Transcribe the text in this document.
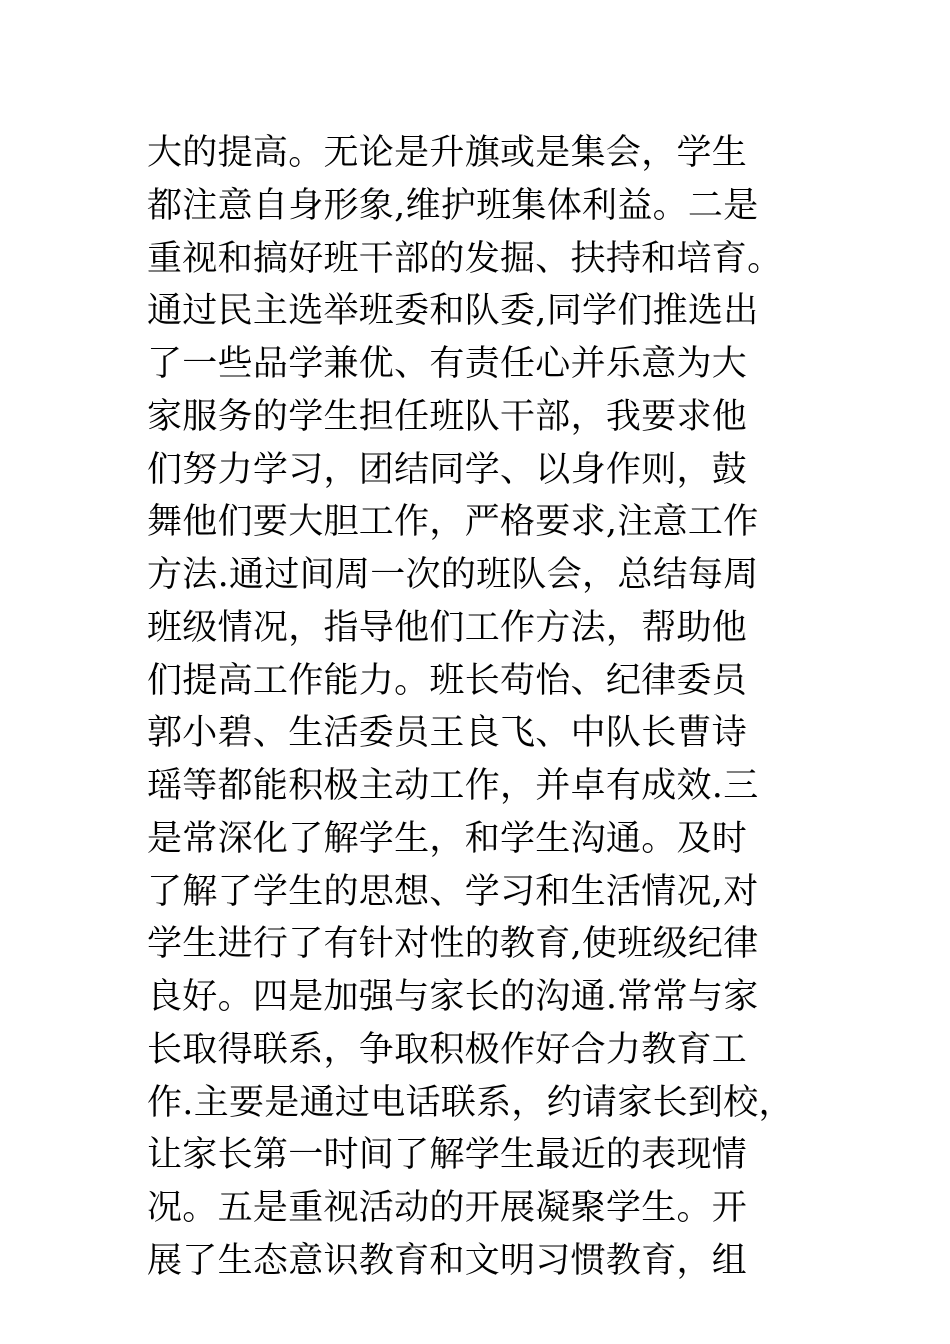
大的提高。无论是升旗或是集会，学生
都注意自身形象,维护班集体利益。二是
重视和搞好班干部的发掘、扶持和培育。
通过民主选举班委和队委,同学们推选出
了一些品学兼优、有责任心并乐意为大
家服务的学生担任班队干部，我要求他
们努力学习，团结同学、以身作则，鼓
舞他们要大胆工作，严格要求,注意工作
方法.通过间周一次的班队会，总结每周
班级情况，指导他们工作方法，帮助他
们提高工作能力。班长苟怡、纪律委员
郭小碧、生活委员王良飞、中队长曹诗
瑶等都能积极主动工作，并卓有成效.三
是常深化了解学生，和学生沟通。及时
了解了学生的思想、学习和生活情况,对
学生进行了有针对性的教育,使班级纪律
良好。四是加强与家长的沟通.常常与家
长取得联系，争取积极作好合力教育工
作.主要是通过电话联系，约请家长到校，
让家长第一时间了解学生最近的表现情
况。五是重视活动的开展凝聚学生。开
展了生态意识教育和文明习惯教育，组
